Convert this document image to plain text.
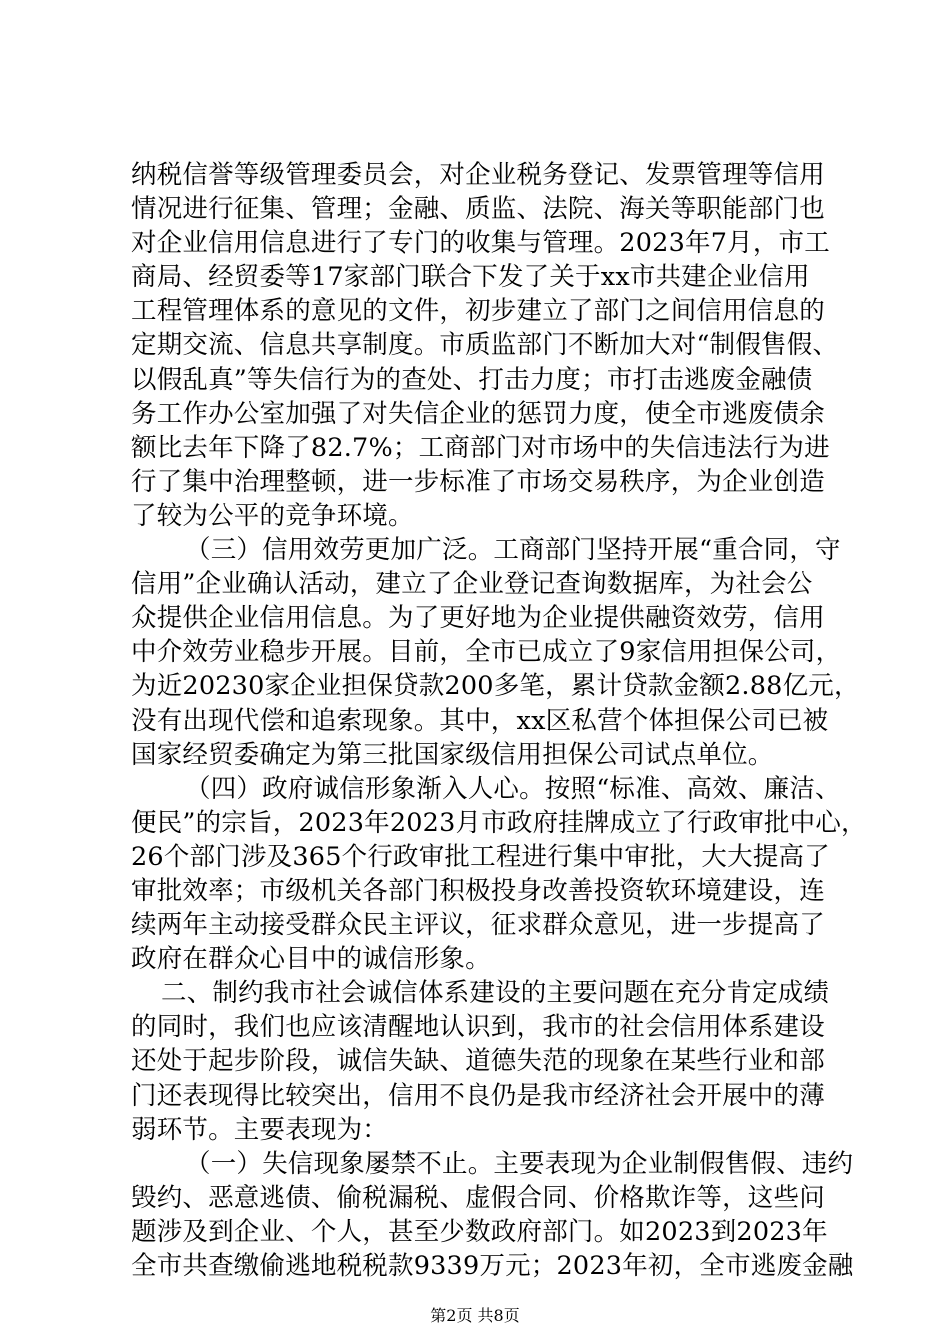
纳税信誉等级管理委员会，对企业税务登记、发票管理等信用
情况进行征集、管理；金融、质监、法院、海关等职能部门也
对企业信用信息进行了专门的收集与管理。2023年7月，市工
商局、经贸委等17家部门联合下发了关于xx市共建企业信用
工程管理体系的意见的文件，初步建立了部门之间信用信息的
定期交流、信息共享制度。市质监部门不断加大对“制假售假、
以假乱真”等失信行为的查处、打击力度；市打击逃废金融债
务工作办公室加强了对失信企业的惩罚力度，使全市逃废债余
额比去年下降了82.7%；工商部门对市场中的失信违法行为进
行了集中治理整顿，进一步标准了市场交易秩序，为企业创造
了较为公平的竞争环境。
（三）信用效劳更加广泛。工商部门坚持开展“重合同，守
信用”企业确认活动，建立了企业登记查询数据库，为社会公
众提供企业信用信息。为了更好地为企业提供融资效劳，信用
中介效劳业稳步开展。目前，全市已成立了9家信用担保公司，
为近20230家企业担保贷款200多笔，累计贷款金额2.88亿元，
没有出现代偿和追索现象。其中，xx区私营个体担保公司已被
国家经贸委确定为第三批国家级信用担保公司试点单位。
（四）政府诚信形象渐入人心。按照“标准、高效、廉洁、
便民”的宗旨，2023年2023月市政府挂牌成立了行政审批中心，
26个部门涉及365个行政审批工程进行集中审批，大大提高了
审批效率；市级机关各部门积极投身改善投资软环境建设，连
续两年主动接受群众民主评议，征求群众意见，进一步提高了
政府在群众心目中的诚信形象。
二、制约我市社会诚信体系建设的主要问题在充分肯定成绩
的同时，我们也应该清醒地认识到，我市的社会信用体系建设
还处于起步阶段，诚信失缺、道德失范的现象在某些行业和部
门还表现得比较突出，信用不良仍是我市经济社会开展中的薄
弱环节。主要表现为：
（一）失信现象屡禁不止。主要表现为企业制假售假、违约
毁约、恶意逃债、偷税漏税、虚假合同、价格欺诈等，这些问
题涉及到企业、个人，甚至少数政府部门。如2023到2023年
全市共查缴偷逃地税税款9339万元；2023年初，全市逃废金融
第2页 共8页
